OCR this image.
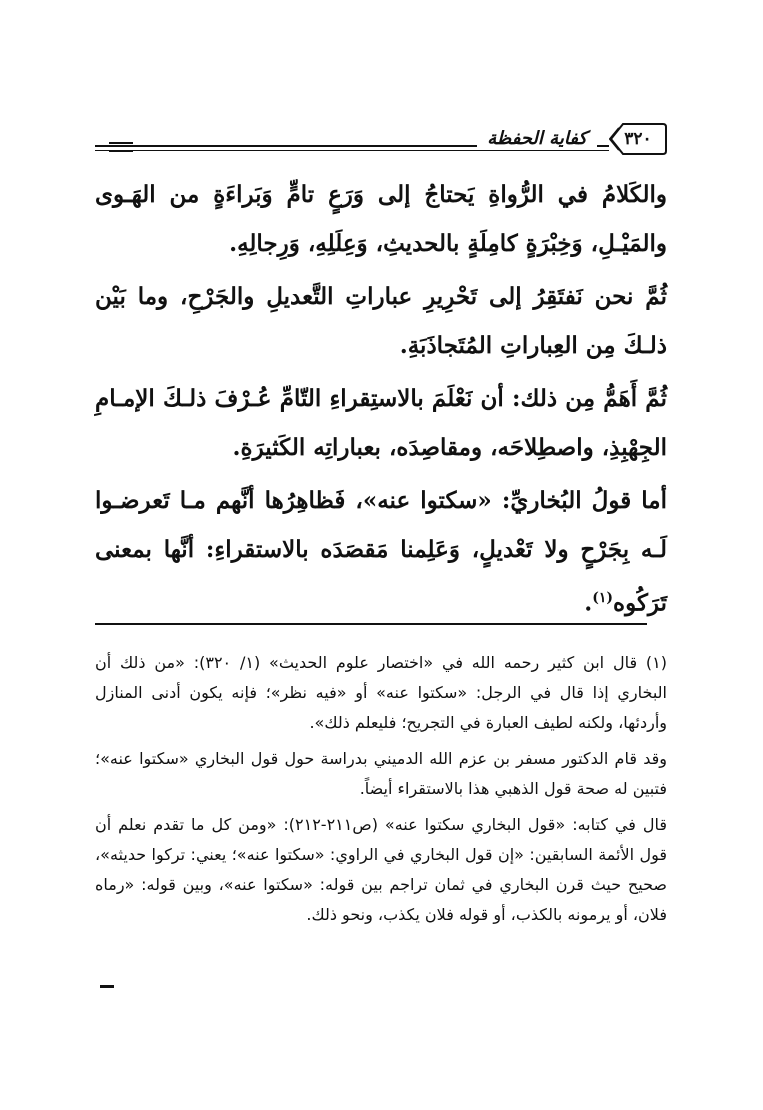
كفاية الحفظة	٣٢٠

والكَلامُ في الرُّواةِ يَحتاجُ إلى وَرَعٍ تامٍّ وَبَراءَةٍ من الهَـوى والمَيْـلِ، وَخِبْرَةٍ كامِلَةٍ بالحديثِ، وَعِلَلِهِ، وَرِجالِهِ.

ثُمَّ نحن نَفتَقِرُ إلى تَحْرِيرِ عباراتِ التَّعديلِ والجَرْحِ، وما بَيْن ذلـكَ مِن العِباراتِ المُتَجاذَبَةِ.

ثُمَّ أَهَمُّ مِن ذلك: أن نَعْلَمَ بالاستِقراءِ التّامِّ عُـرْفَ ذلـكَ الإمـامِ الجِهْبِذِ، واصطِلاحَه، ومقاصِدَه، بعباراتِه الكَثيرَةِ.

أما قولُ البُخاريِّ: «سكتوا عنه»، فَظاهِرُها أنَّهم مـا تَعرضـوا لَـه بِجَرْحٍ ولا تَعْديلٍ، وَعَلِمنا مَقصَدَه بالاستقراءِ: أنَّها بمعنى تَرَكُوه$^{(١)}$.

(١) قال ابن كثير رحمه الله في «اختصار علوم الحديث» (١/ ٣٢٠): «من ذلك أن البخاري إذا قال في الرجل: «سكتوا عنه» أو «فيه نظر»؛ فإنه يكون أدنى المنازل وأردئها، ولكنه لطيف العبارة في التجريح؛ فليعلم ذلك».

وقد قام الدكتور مسفر بن عزم الله الدميني بدراسة حول قول البخاري «سكتوا عنه»؛ فتبين له صحة قول الذهبي هذا بالاستقراء أيضاً.

قال في كتابه: «قول البخاري سكتوا عنه» (ص٢١١-٢١٢): «ومن كل ما تقدم نعلم أن قول الأئمة السابقين: «إن قول البخاري في الراوي: «سكتوا عنه»؛ يعني: تركوا حديثه»، صحيح حيث قرن البخاري في ثمان تراجم بين قوله: «سكتوا عنه»، وبين قوله: «رماه فلان، أو يرمونه بالكذب، أو قوله فلان يكذب، ونحو ذلك.
